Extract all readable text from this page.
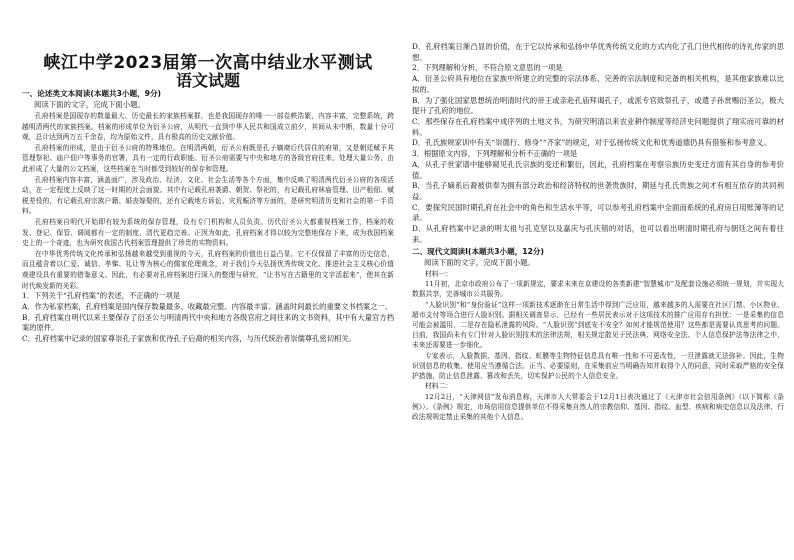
峡江中学2023届第一次高中结业水平测试
语文试题

一、论述类文本阅读(本题共3小题，9分)

阅读下面的文字，完成下面小题。

孔府档案是国现存的数量最大、历史最长的家族档案群，也是我国现存的唯一一部卷帙浩繁，内容丰富，完整系统，跨越明清两代的家族档案。档案的形成单位为衍圣公府，从明代一直到中华人民共和国成立前夕，其间从未中断，数量十分可观，总计达到两万五千余卷，均为原始文件，具有极高的历史文献价值。

孔府档案的形成，是由于衍圣公府的特殊地位。在明清两朝，衍圣公府既是孔子嫡裔后代居住的府第，又是朝廷赋予其管理祭祀、庙户佃户等事务的官署，具有一定的行政职能。衍圣公府需要与中央和地方的各级官府往来，处理大量公务，由此形成了大量的公文档案，这些档案在当时都受到较好的保存和管理。

孔府档案内容丰富，涵盖面广，涉及政治、经济、文化、社会生活等各个方面，集中反映了明清两代衍圣公府的各项活动，在一定程度上反映了这一时期的社会面貌。其中有记载孔府袭爵、朝贺、祭祀的，有记载孔府林庙管理、田产租佃、赋税差役的，有记载孔府宗族户籍、婚丧嫁娶的，还有记载地方诉讼、灾荒赈济等方面的，是研究明清历史和社会的第一手资料。

孔府档案自明代开始即有较为系统的保存管理，设有专门机构和人员负责。历代衍圣公大都重视档案工作，档案的收发、登记、保管、调阅都有一定的制度，清代更趋完善。正因为如此，孔府档案才得以较为完整地保存下来，成为我国档案史上的一个奇迹，也为研究我国古代档案管理提供了珍贵的实物资料。

在中华优秀传统文化传承和弘扬越来越受到重视的今天，孔府档案的价值也日益凸显。它不仅保留了丰富的历史信息，而且蕴含着以仁爱、诚信、孝悌、礼让等为核心的儒家伦理观念，对于我们今天弘扬优秀传统文化、推进社会主义核心价值观建设具有重要的借鉴意义。因此，有必要对孔府档案进行深入的整理与研究，“让书写在古籍里的文字活起来”，使其在新时代焕发新的光彩。

1．下列关于“孔府档案”的表述，不正确的一项是

A．作为私家档案，孔府档案是国内保存数量最多、收藏最完整、内容最丰富、涵盖时间最长的重要文书档案之一。

B．孔府档案自明代以来主要保存了衍圣公与明清两代中央和地方各级官府之间往来的文书资料，其中有大量官方档案的原件。

C．孔府档案中记录的国家尊崇孔子家族和优待孔子后裔的相关内容，与历代统治者崇儒尊孔密切相关。

D．孔府档案日渐凸显的价值，在于它以传承和弘扬中华优秀传统文化的方式内化了孔门世代相传的诗礼传家的思想。

2．下列理解和分析，不符合原文意思的一项是

A．衍圣公府具有地位在家族中所建立的完整的宗法体系、完善的宗法制度和完备的相关机构，是其他家族难以比拟的。

B．为了强化国家思想统治明清时代的帝王或亲赴孔庙拜谒孔子，或派专官致祭孔子，或遣子孙赏赐衍圣公，极大提升了孔府的地位。

C．那些保存在孔府档案中成序列的土地文书，为研究明清以来农业耕作制度等经济史问题提供了翔实而可靠的材料。

D．孔氏族规家训中有关“崇德行、修身”“齐家”的规定，对于弘扬传统文化和优秀道德仍具有借鉴和参考意义。

3．根据原文内容，下列理解和分析不正确的一项是

A．从孔子世家谱中能够窥见孔氏宗族的变迁和繁衍，因此，孔府档案在考察宗族历史变迁方面有其自身的参考价值。

B．当孔子嫡系后裔被供奉为拥有部分政治和经济特权的世袭贵族时，期延与孔氏贵族之间才有相互依存的共同利益。

C．要探究民国时期孔府在社会中的角色和生活水平等，可以参考孔府档案中全面而系统的孔府房日用账簿等的记录。

D．从孔府档案中记录的明太祖与孔克坚以及嘉庆与孔庆镕的对话，也可以看出明清时期孔府与朝廷之间有着往来。

二、现代文阅读Ⅰ(本题共3小题，12分)

阅读下面的文字，完成下面小题。

材料一：

11月初，北京市政府公布了一项新规定，要求未来在京建设的各类新建“智慧城市”及配套设施必须统一规划，并实现大数据共享，完善城市公共服务。

“人脸识别”和“身份验证”这样一项新技术逐渐在日常生活中得到广泛应用，越来越多的人需要在社区门禁、小区物业、超市支付等场合进行人脸识别。据相关调查显示，已经有一些居民表示对于这项技术的推广应用存有担忧：一是采集的信息可能会被滥用，二是存在隐私泄露的风险。“人脸识别”到底安不安全？如何才能规范使用？这些都是需要认真思考的问题。目前，我国尚未有专门针对人脸识别技术的法律法规，相关规定散见于民法典、网络安全法、个人信息保护法等法律之中，未来还需要进一步细化。

专家表示，人脸数据、基因、指纹、虹膜等生物特征信息具有唯一性和不可更改性，一旦泄露就无法弥补。因此，生物识别信息的收集、使用应当遵循合法、正当、必要原则，在采集前应当明确告知并取得个人的同意，同时采取严格的安全保护措施，防止信息泄露、篡改和丢失，切实保护公民的个人信息安全。

材料二：

12月2日，“天津网信”发布消息称，天津市人大常委会于12月1日表决通过了《天津市社会信用条例》（以下简称《条例》）。《条例》规定，市场信用信息提供单位不得采集自然人的宗教信仰、基因、指纹、血型、疾病和病史信息以及法律、行政法规规定禁止采集的其他个人信息。
